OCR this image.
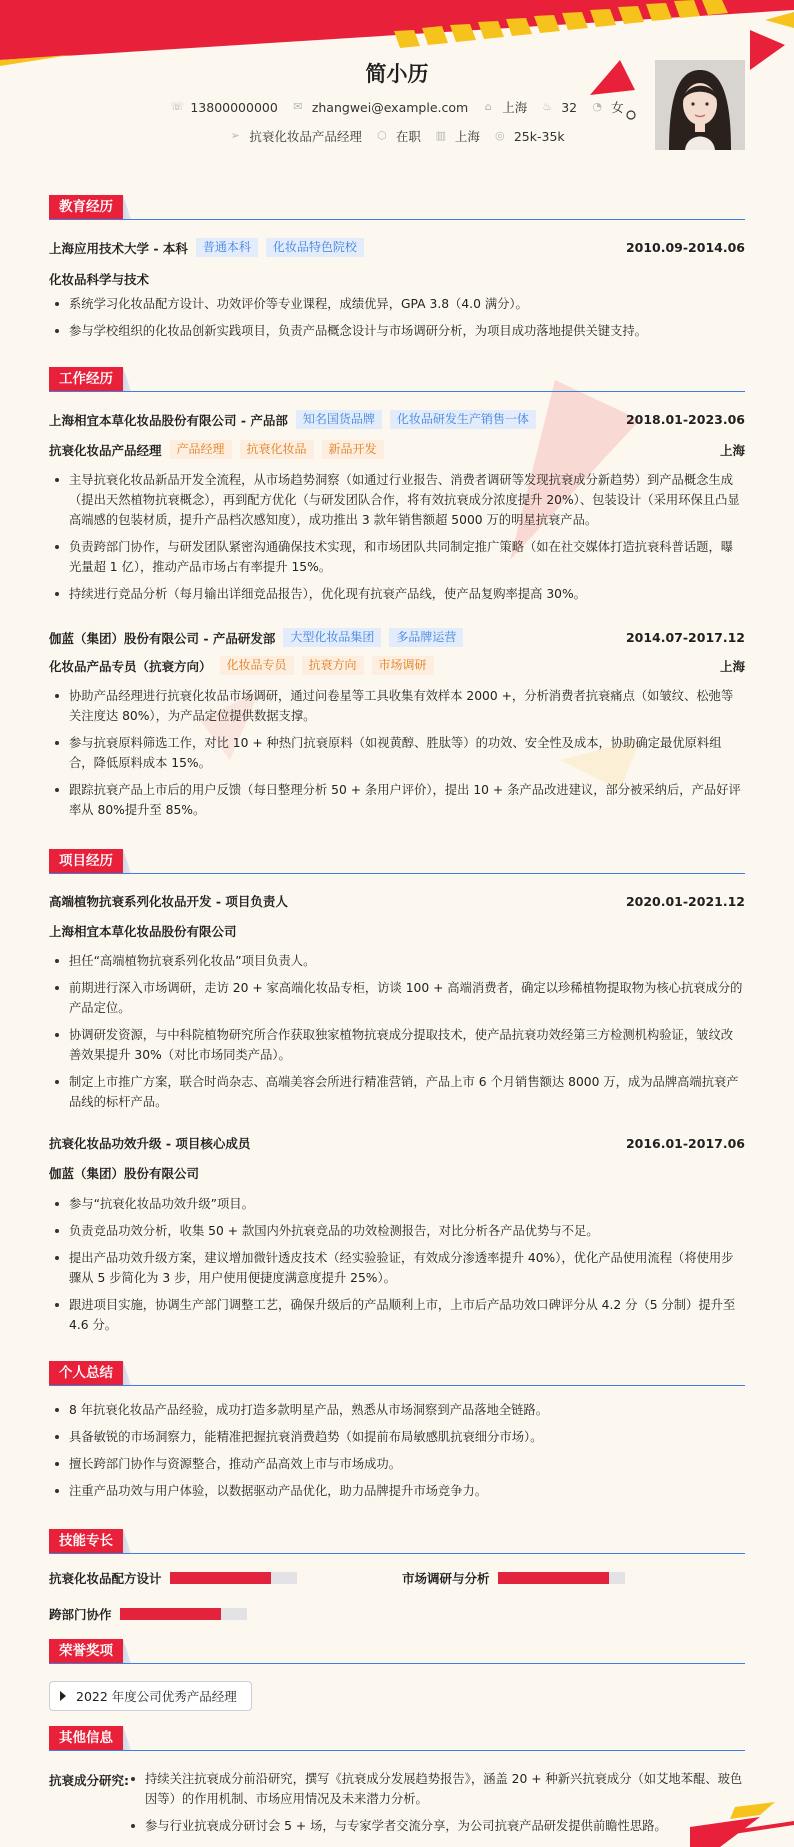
简小历
☏ 13800000000 ✉ zhangwei@example.com ⌂ 上海 ♨ 32 ◔ 女
➢ 抗衰化妆品产品经理 ⬡ 在职 ▥ 上海 ◎ 25k-35k
教育经历
上海应用技术大学 - 本科	普通本科	化妆品特色院校	2010.09-2014.06
化妆品科学与技术
系统学习化妆品配方设计、功效评价等专业课程，成绩优异，GPA 3.8（4.0 满分）。
参与学校组织的化妆品创新实践项目，负责产品概念设计与市场调研分析，为项目成功落地提供关键支持。
工作经历
上海相宜本草化妆品股份有限公司 - 产品部	知名国货品牌	化妆品研发生产销售一体	2018.01-2023.06
抗衰化妆品产品经理	产品经理	抗衰化妆品	新品开发	上海
主导抗衰化妆品新品开发全流程，从市场趋势洞察（如通过行业报告、消费者调研等发现抗衰成分新趋势）到产品概念生成（提出天然植物抗衰概念），再到配方优化（与研发团队合作，将有效抗衰成分浓度提升 20%）、包装设计（采用环保且凸显高端感的包装材质，提升产品档次感知度），成功推出 3 款年销售额超 5000 万的明星抗衰产品。
负责跨部门协作，与研发团队紧密沟通确保技术实现，和市场团队共同制定推广策略（如在社交媒体打造抗衰科普话题，曝光量超 1 亿），推动产品市场占有率提升 15%。
持续进行竞品分析（每月输出详细竞品报告），优化现有抗衰产品线，使产品复购率提高 30%。
伽蓝（集团）股份有限公司 - 产品研发部	大型化妆品集团	多品牌运营	2014.07-2017.12
化妆品产品专员（抗衰方向）	化妆品专员	抗衰方向	市场调研	上海
协助产品经理进行抗衰化妆品市场调研，通过问卷星等工具收集有效样本 2000 +，分析消费者抗衰痛点（如皱纹、松弛等关注度达 80%），为产品定位提供数据支撑。
参与抗衰原料筛选工作，对比 10 + 种热门抗衰原料（如视黄醇、胜肽等）的功效、安全性及成本，协助确定最优原料组合，降低原料成本 15%。
跟踪抗衰产品上市后的用户反馈（每日整理分析 50 + 条用户评价），提出 10 + 条产品改进建议，部分被采纳后，产品好评率从 80%提升至 85%。
项目经历
高端植物抗衰系列化妆品开发 - 项目负责人	2020.01-2021.12
上海相宜本草化妆品股份有限公司
担任“高端植物抗衰系列化妆品”项目负责人。
前期进行深入市场调研，走访 20 + 家高端化妆品专柜，访谈 100 + 高端消费者，确定以珍稀植物提取物为核心抗衰成分的产品定位。
协调研发资源，与中科院植物研究所合作获取独家植物抗衰成分提取技术，使产品抗衰功效经第三方检测机构验证，皱纹改善效果提升 30%（对比市场同类产品）。
制定上市推广方案，联合时尚杂志、高端美容会所进行精准营销，产品上市 6 个月销售额达 8000 万，成为品牌高端抗衰产品线的标杆产品。
抗衰化妆品功效升级 - 项目核心成员	2016.01-2017.06
伽蓝（集团）股份有限公司
参与“抗衰化妆品功效升级”项目。
负责竞品功效分析，收集 50 + 款国内外抗衰竞品的功效检测报告，对比分析各产品优势与不足。
提出产品功效升级方案，建议增加微针透皮技术（经实验验证，有效成分渗透率提升 40%），优化产品使用流程（将使用步骤从 5 步简化为 3 步，用户使用便捷度满意度提升 25%）。
跟进项目实施，协调生产部门调整工艺，确保升级后的产品顺利上市，上市后产品功效口碑评分从 4.2 分（5 分制）提升至 4.6 分。
个人总结
8 年抗衰化妆品产品经验，成功打造多款明星产品，熟悉从市场洞察到产品落地全链路。
具备敏锐的市场洞察力，能精准把握抗衰消费趋势（如提前布局敏感肌抗衰细分市场）。
擅长跨部门协作与资源整合，推动产品高效上市与市场成功。
注重产品功效与用户体验，以数据驱动产品优化，助力品牌提升市场竞争力。
技能专长
抗衰化妆品配方设计	市场调研与分析
跨部门协作
荣誉奖项
2022 年度公司优秀产品经理
其他信息
抗衰成分研究:	持续关注抗衰成分前沿研究，撰写《抗衰成分发展趋势报告》，涵盖 20 + 种新兴抗衰成分（如艾地苯醌、玻色因等）的作用机制、市场应用情况及未来潜力分析。
参与行业抗衰成分研讨会 5 + 场，与专家学者交流分享，为公司抗衰产品研发提供前瞻性思路。
